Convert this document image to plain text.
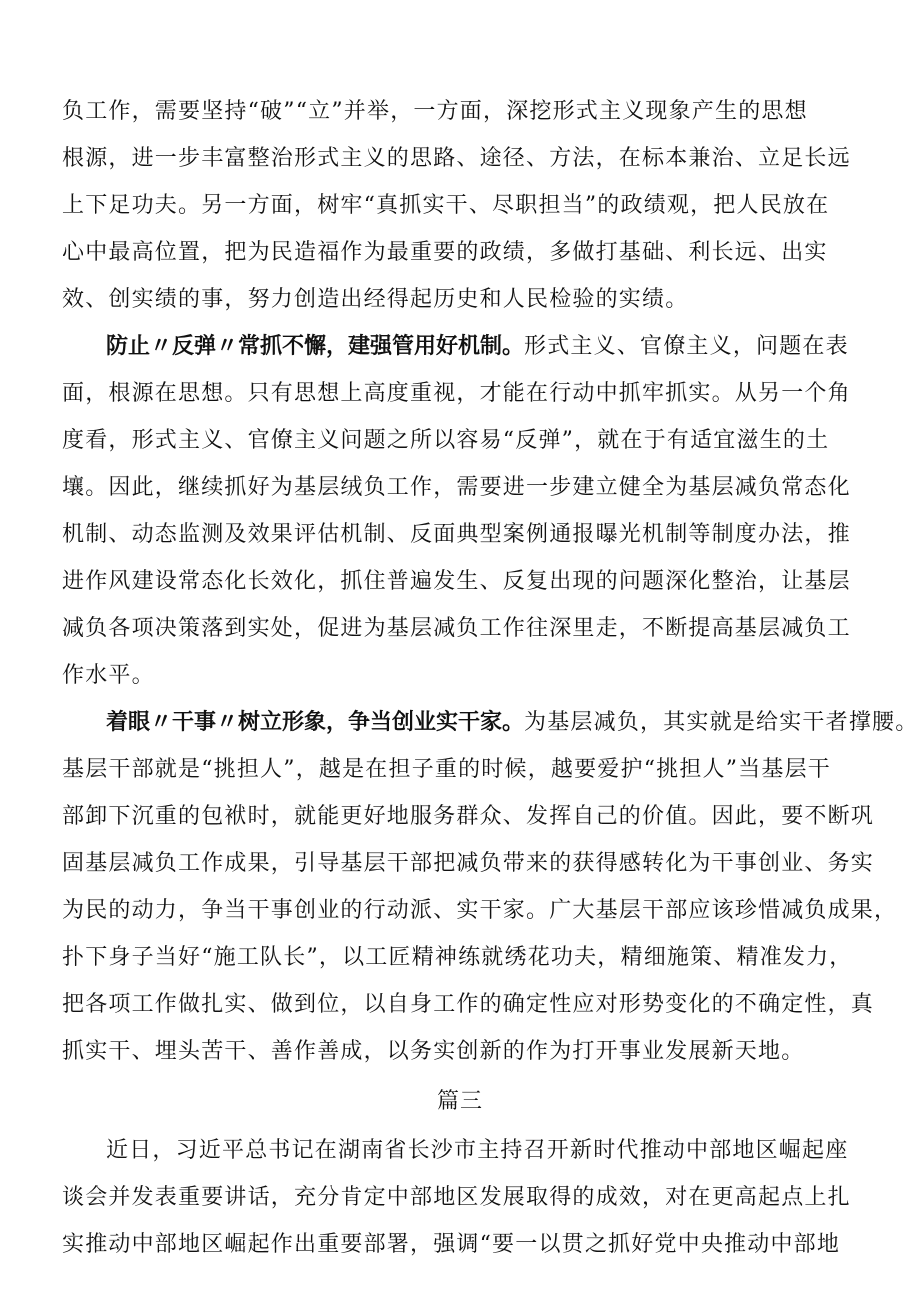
负工作，需要坚持“破”“立”并举，一方面，深挖形式主义现象产生的思想
根源，进一步丰富整治形式主义的思路、途径、方法，在标本兼治、立足长远
上下足功夫。另一方面，树牢“真抓实干、尽职担当”的政绩观，把人民放在
心中最高位置，把为民造福作为最重要的政绩，多做打基础、利长远、出实
效、创实绩的事，努力创造出经得起历史和人民检验的实绩。
防止〃反弹〃常抓不懈，建强管用好机制。形式主义、官僚主义，问题在表
面，根源在思想。只有思想上高度重视，才能在行动中抓牢抓实。从另一个角
度看，形式主义、官僚主义问题之所以容易“反弹”，就在于有适宜滋生的土
壤。因此，继续抓好为基层绒负工作，需要进一步建立健全为基层减负常态化
机制、动态监测及效果评估机制、反面典型案例通报曝光机制等制度办法，推
进作风建设常态化长效化，抓住普遍发生、反复出现的问题深化整治，让基层
减负各项决策落到实处，促进为基层减负工作往深里走，不断提高基层减负工
作水平。
着眼〃干事〃树立形象，争当创业实干家。为基层减负，其实就是给实干者撑腰。
基层干部就是“挑担人”，越是在担子重的时候，越要爱护“挑担人”当基层干
部卸下沉重的包袱时，就能更好地服务群众、发挥自己的价值。因此，要不断巩
固基层减负工作成果，引导基层干部把减负带来的获得感转化为干事创业、务实
为民的动力，争当干事创业的行动派、实干家。广大基层干部应该珍惜减负成果，
扑下身子当好“施工队长”，以工匠精神练就绣花功夫，精细施策、精准发力，
把各项工作做扎实、做到位，以自身工作的确定性应对形势变化的不确定性，真
抓实干、埋头苦干、善作善成，以务实创新的作为打开事业发展新天地。
篇三
近日，习近平总书记在湖南省长沙市主持召开新时代推动中部地区崛起座
谈会并发表重要讲话，充分肯定中部地区发展取得的成效，对在更高起点上扎
实推动中部地区崛起作出重要部署，强调“要一以贯之抓好党中央推动中部地
